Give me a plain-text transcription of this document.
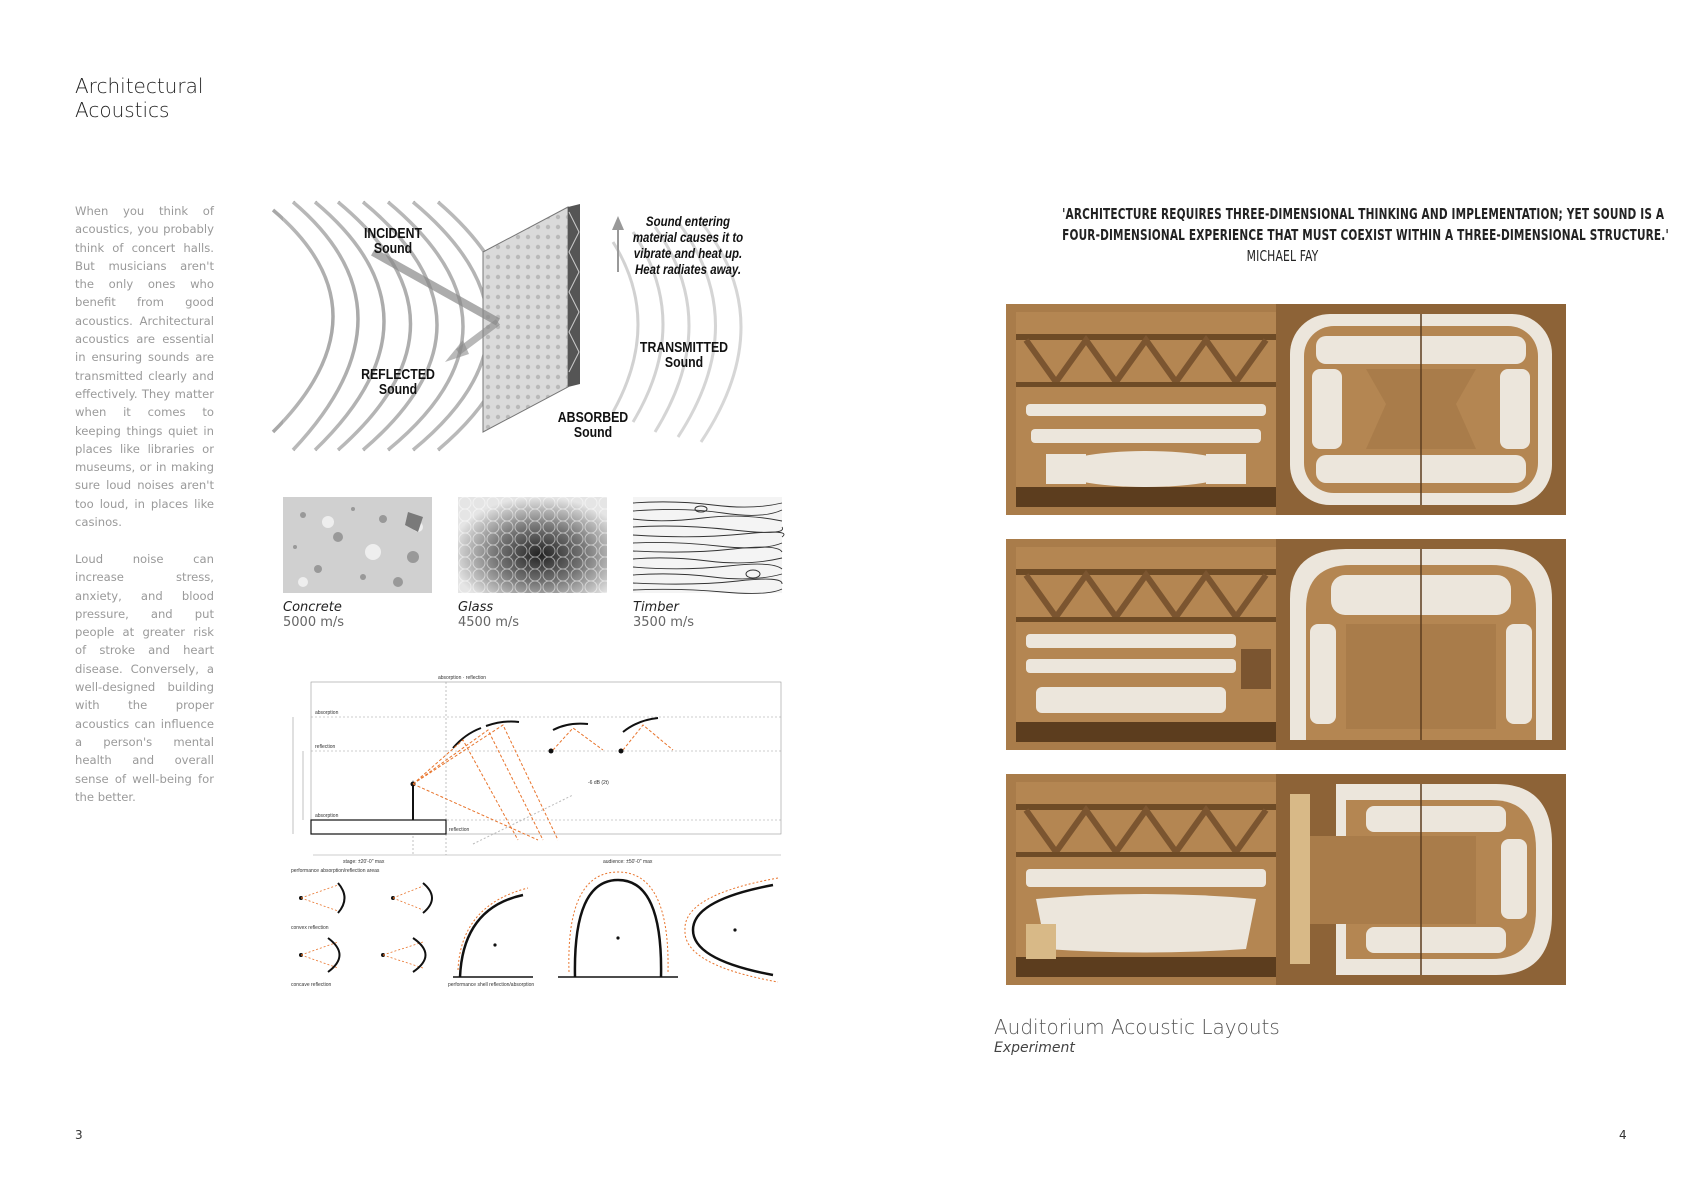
Architectural
Acoustics
When you think of acoustics, you probably think of concert halls. But musicians aren't the only ones who benefit from good acoustics. Architectural acoustics are essential in ensuring sounds are transmitted clearly and effectively. They matter when it comes to keeping things quiet in places like libraries or museums, or in making sure loud noises aren't too loud, in places like casinos.
Loud noise can increase stress, anxiety, and blood pressure, and put people at greater risk of stroke and heart disease. Conversely, a well-designed building with the proper acoustics can influence a person's mental health and overall sense of well-being for the better.
3
INCIDENT
Sound
REFLECTED
Sound
TRANSMITTED
Sound
ABSORBED
Sound
Sound entering
material causes it to
vibrate and heat up.
Heat radiates away.
Concrete
5000 m/s
Glass
4500 m/s
Timber
3500 m/s
absorption · reflection
absorption
reflection
absorption
reflection
-6 dB (2t)
stage: ±20'-0" max	audience: ±50'-0" max
performance absorption/reflection areas
convex reflection
concave reflection	performance shell reflection/absorption
'ARCHITECTURE REQUIRES THREE-DIMENSIONAL THINKING AND IMPLEMENTATION; YET SOUND IS A
FOUR-DIMENSIONAL EXPERIENCE THAT MUST COEXIST WITHIN A THREE-DIMENSIONAL STRUCTURE.'
MICHAEL FAY
Auditorium Acoustic Layouts
Experiment
4
